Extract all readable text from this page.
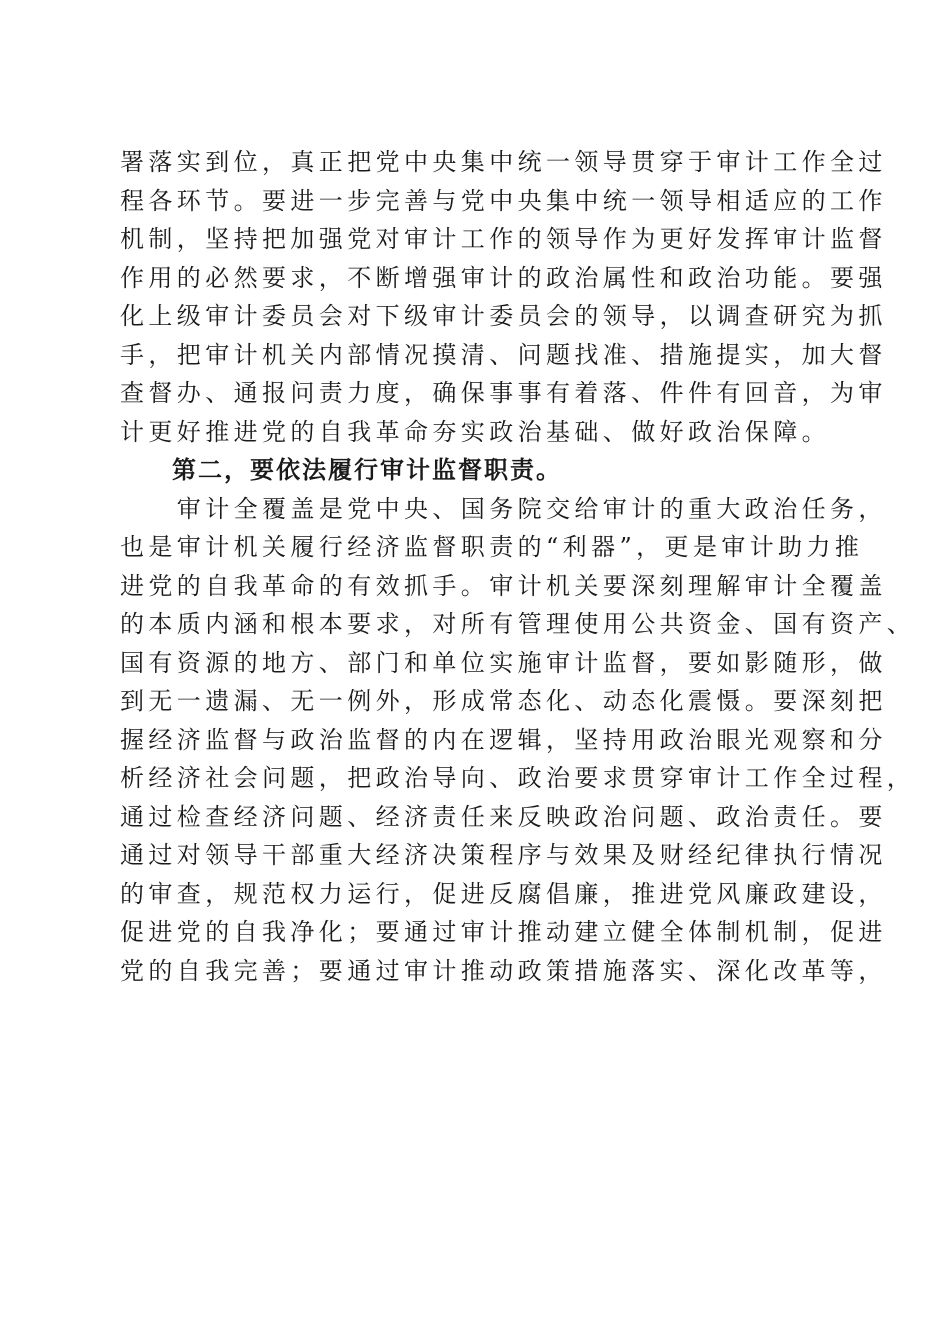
署落实到位，真正把党中央集中统一领导贯穿于审计工作全过
程各环节。要进一步完善与党中央集中统一领导相适应的工作
机制，坚持把加强党对审计工作的领导作为更好发挥审计监督
作用的必然要求，不断增强审计的政治属性和政治功能。要强
化上级审计委员会对下级审计委员会的领导，以调查研究为抓
手，把审计机关内部情况摸清、问题找准、措施提实，加大督
查督办、通报问责力度，确保事事有着落、件件有回音，为审
计更好推进党的自我革命夯实政治基础、做好政治保障。
　　第二，要依法履行审计监督职责。
　　审计全覆盖是党中央、国务院交给审计的重大政治任务，
也是审计机关履行经济监督职责的“利器”，更是审计助力推
进党的自我革命的有效抓手。审计机关要深刻理解审计全覆盖
的本质内涵和根本要求，对所有管理使用公共资金、国有资产、
国有资源的地方、部门和单位实施审计监督，要如影随形，做
到无一遗漏、无一例外，形成常态化、动态化震慑。要深刻把
握经济监督与政治监督的内在逻辑，坚持用政治眼光观察和分
析经济社会问题，把政治导向、政治要求贯穿审计工作全过程，
通过检查经济问题、经济责任来反映政治问题、政治责任。要
通过对领导干部重大经济决策程序与效果及财经纪律执行情况
的审查，规范权力运行，促进反腐倡廉，推进党风廉政建设，
促进党的自我净化；要通过审计推动建立健全体制机制，促进
党的自我完善；要通过审计推动政策措施落实、深化改革等，
